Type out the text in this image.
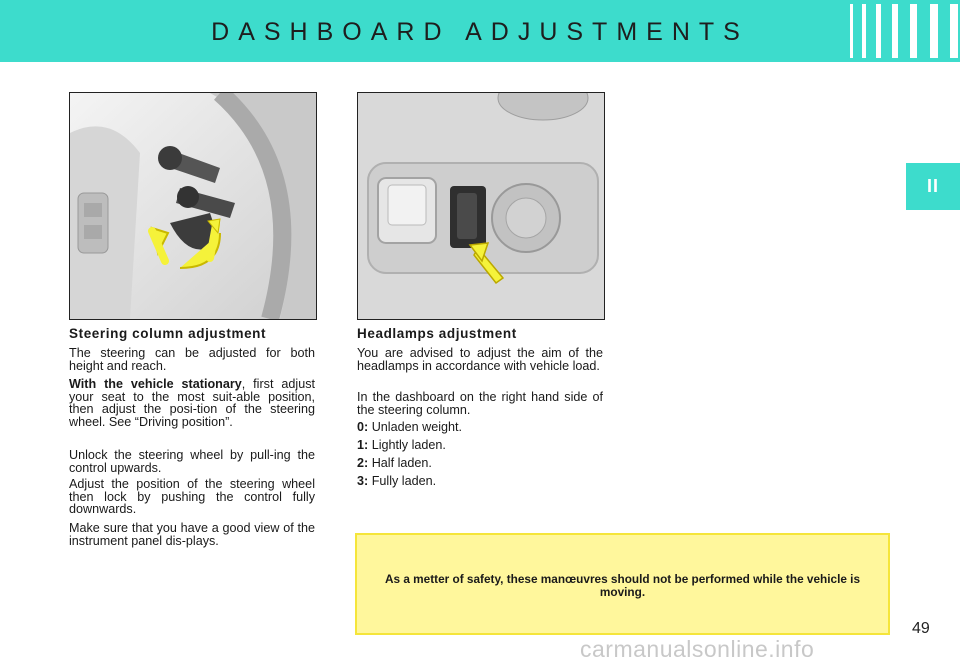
DASHBOARD ADJUSTMENTS
II
Steering column adjustment

The steering can be adjusted for both height and reach.

With the vehicle stationary, first adjust your seat to the most suit-able position, then adjust the posi-tion of the steering wheel. See “Driving position”.

Unlock the steering wheel by pull-ing the control upwards.

Adjust the position of the steering wheel then lock by pushing the control fully downwards.

Make sure that you have a good view of the instrument panel dis-plays.

Headlamps adjustment

You are advised to adjust the aim of the headlamps in accordance with vehicle load.

In the dashboard on the right hand side of the steering column.

0: Unladen weight.
1: Lightly laden.
2: Half laden.
3: Fully laden.
As a metter of safety, these manœuvres should not be performed while the vehicle is moving.
49
carmanualsonline.info
